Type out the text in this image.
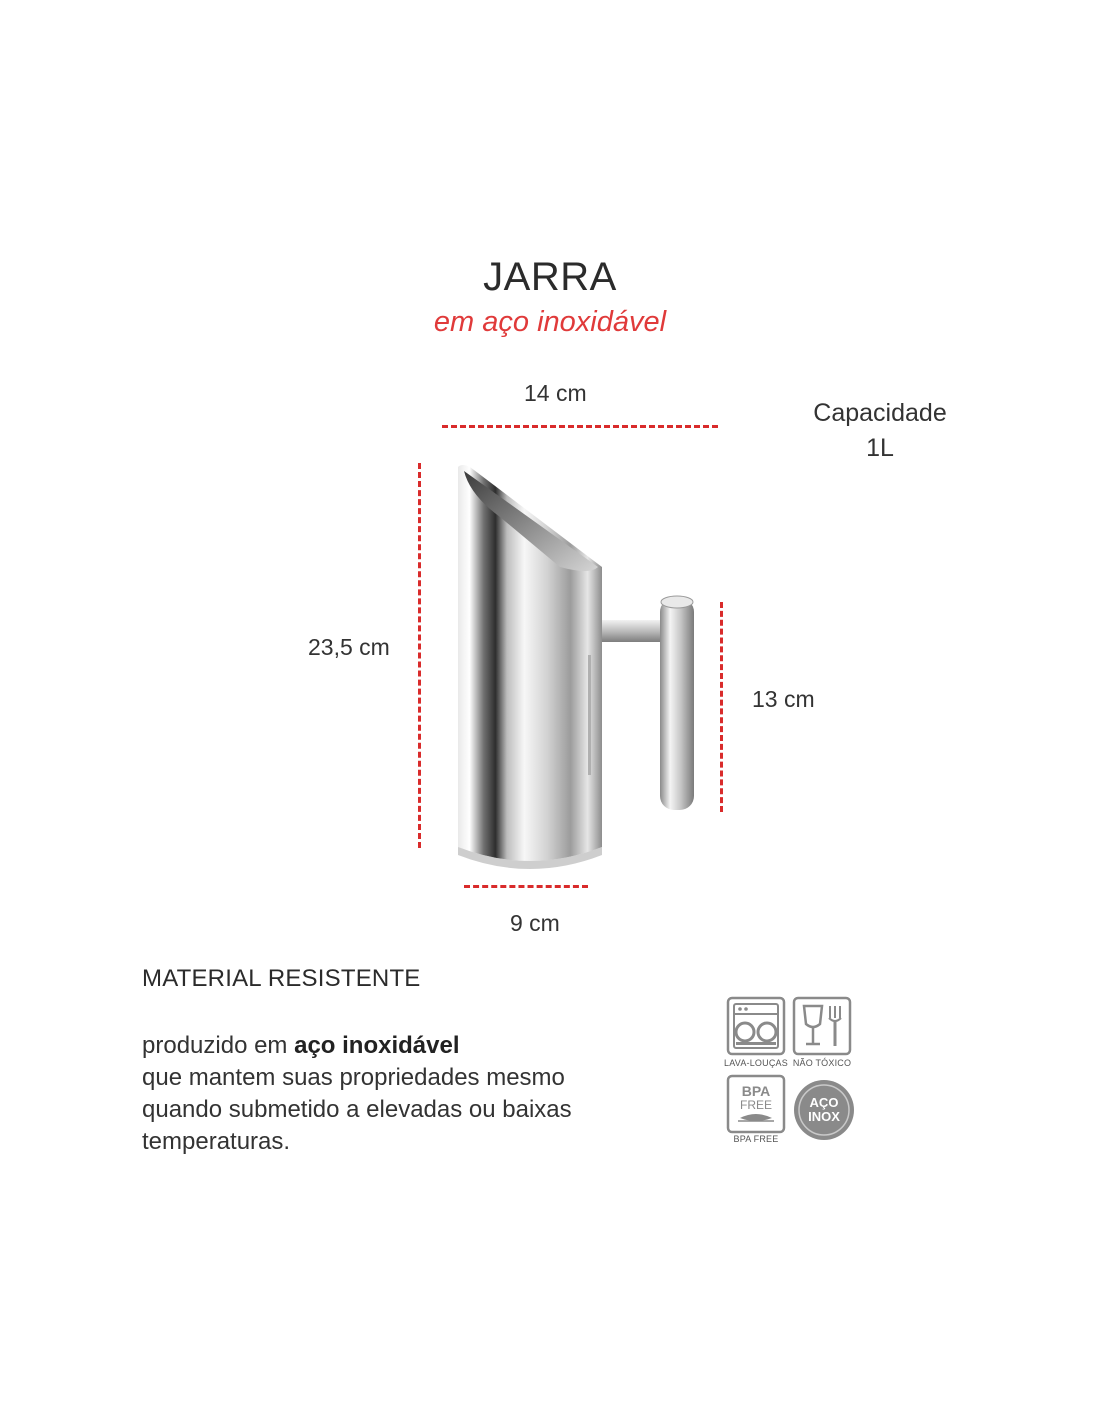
JARRA
em aço inoxidável
14 cm
Capacidade
1L
23,5 cm
13 cm
9 cm
MATERIAL RESISTENTE
produzido em aço inoxidável
que mantem suas propriedades mesmo
quando submetido a elevadas ou baixas
temperaturas.
LAVA-LOUÇAS NÃO TÓXICO
BPA
FREE
BPA FREE
AÇO
INOX
